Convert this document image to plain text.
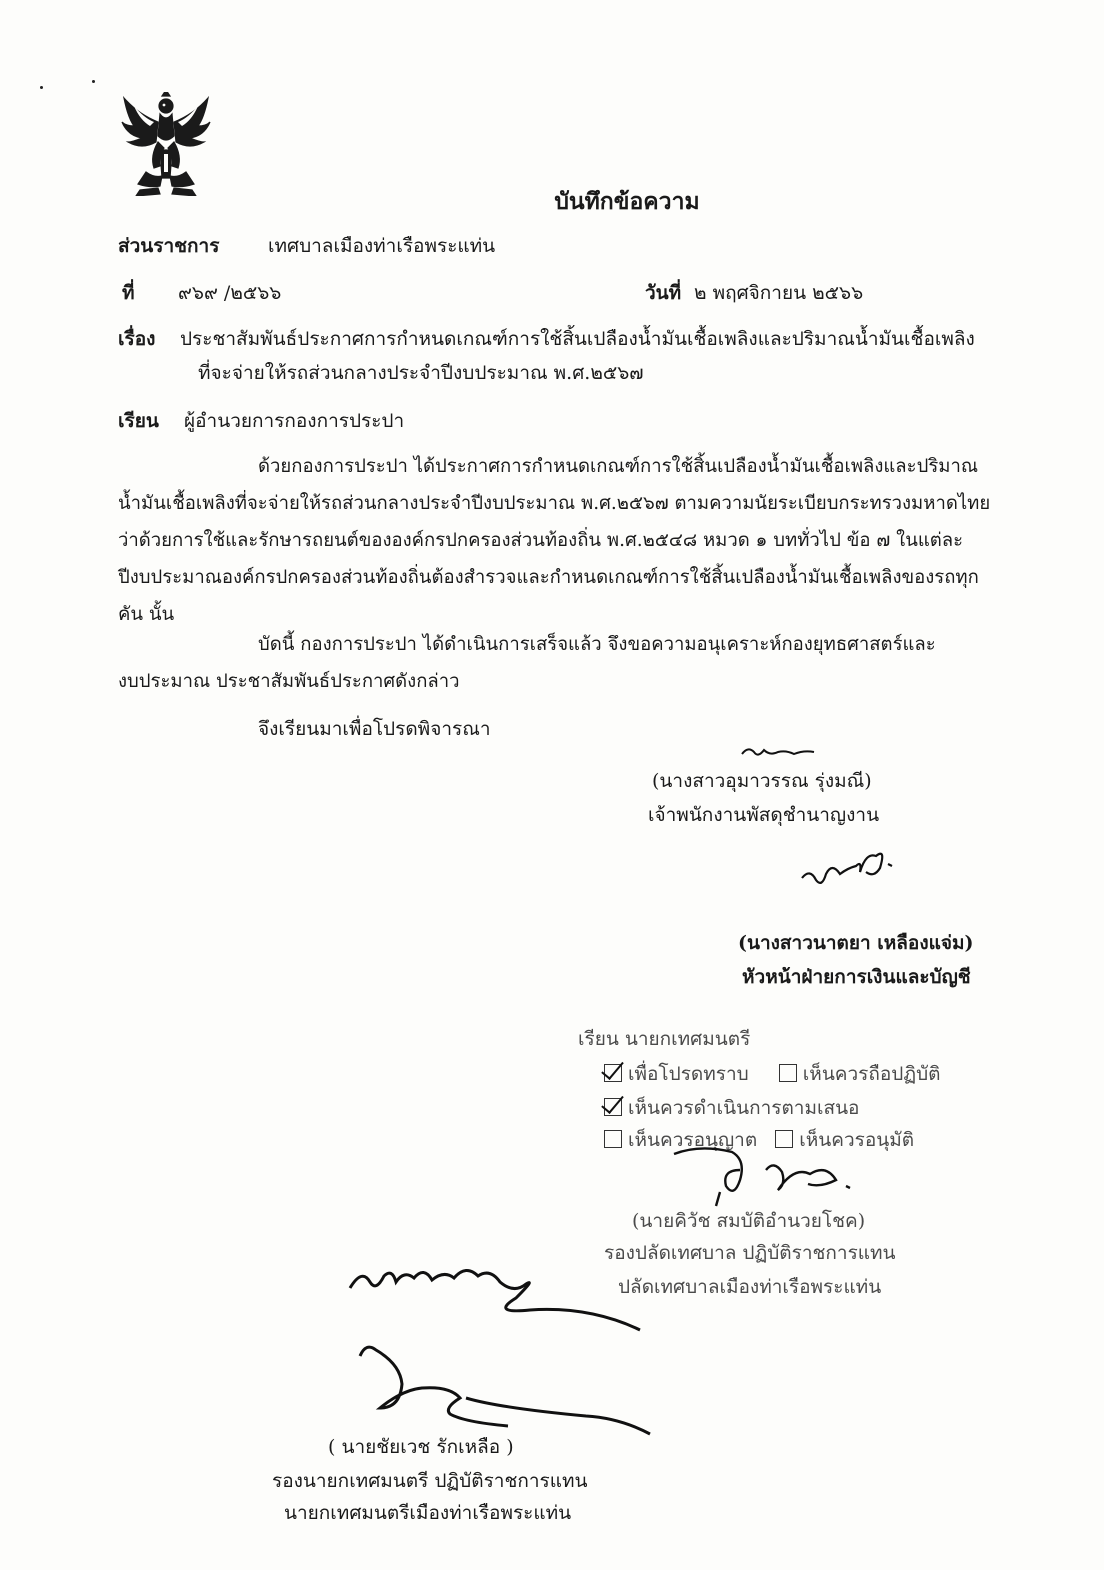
บันทึกข้อความ
ส่วนราชการ	เทศบาลเมืองท่าเรือพระแท่น
ที่ ๙๖๙ /๒๕๖๖	วันที่ ๒ พฤศจิกายน ๒๕๖๖
เรื่อง ประชาสัมพันธ์ประกาศการกำหนดเกณฑ์การใช้สิ้นเปลืองน้ำมันเชื้อเพลิงและปริมาณน้ำมันเชื้อเพลิง
ที่จะจ่ายให้รถส่วนกลางประจำปีงบประมาณ พ.ศ.๒๕๖๗
เรียน ผู้อำนวยการกองการประปา
ด้วยกองการประปา ได้ประกาศการกำหนดเกณฑ์การใช้สิ้นเปลืองน้ำมันเชื้อเพลิงและปริมาณ
น้ำมันเชื้อเพลิงที่จะจ่ายให้รถส่วนกลางประจำปีงบประมาณ พ.ศ.๒๕๖๗ ตามความนัยระเบียบกระทรวงมหาดไทย
ว่าด้วยการใช้และรักษารถยนต์ขององค์กรปกครองส่วนท้องถิ่น พ.ศ.๒๕๔๘ หมวด ๑ บททั่วไป ข้อ ๗ ในแต่ละ
ปีงบประมาณองค์กรปกครองส่วนท้องถิ่นต้องสำรวจและกำหนดเกณฑ์การใช้สิ้นเปลืองน้ำมันเชื้อเพลิงของรถทุก
คัน นั้น
บัดนี้ กองการประปา ได้ดำเนินการเสร็จแล้ว จึงขอความอนุเคราะห์กองยุทธศาสตร์และ
งบประมาณ ประชาสัมพันธ์ประกาศดังกล่าว
จึงเรียนมาเพื่อโปรดพิจารณา
(นางสาวอุมาวรรณ รุ่งมณี)
เจ้าพนักงานพัสดุชำนาญงาน
(นางสาวนาตยา เหลืองแจ่ม)
หัวหน้าฝ่ายการเงินและบัญชี
เรียน นายกเทศมนตรี
เพื่อโปรดทราบ	เห็นควรถือปฏิบัติ
เห็นควรดำเนินการตามเสนอ
เห็นควรอนุญาต เห็นควรอนุมัติ
(นายคิวัช สมบัติอำนวยโชค)
รองปลัดเทศบาล ปฏิบัติราชการแทน
ปลัดเทศบาลเมืองท่าเรือพระแท่น
( นายชัยเวช รักเหลือ )
รองนายกเทศมนตรี ปฏิบัติราชการแทน
นายกเทศมนตรีเมืองท่าเรือพระแท่น
